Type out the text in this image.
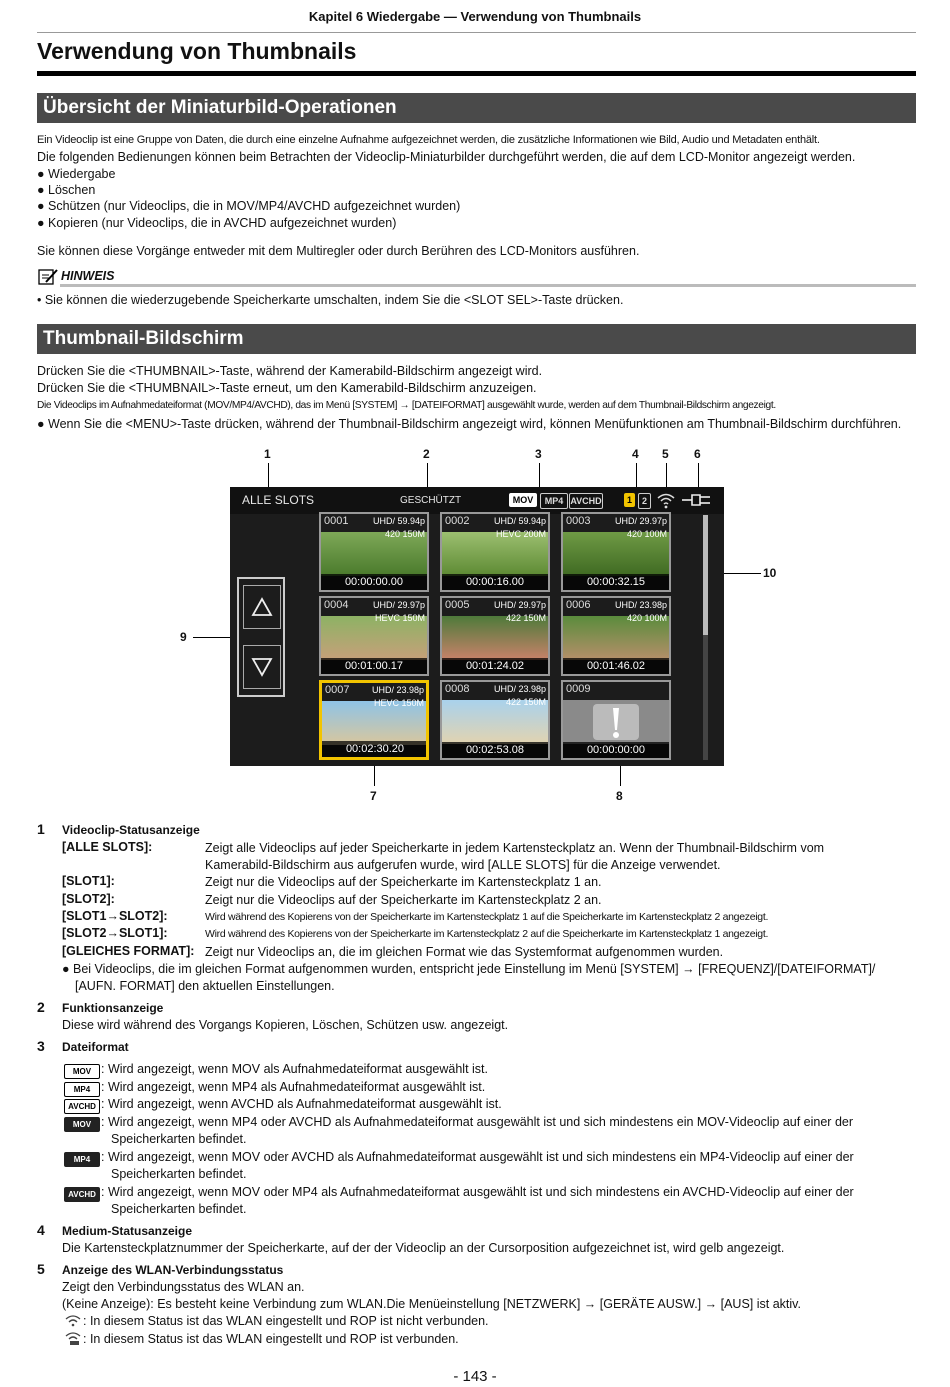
Kapitel 6 Wiedergabe — Verwendung von Thumbnails
Verwendung von Thumbnails
Übersicht der Miniaturbild-Operationen
Ein Videoclip ist eine Gruppe von Daten, die durch eine einzelne Aufnahme aufgezeichnet werden, die zusätzliche Informationen wie Bild, Audio und Metadaten enthält.
Die folgenden Bedienungen können beim Betrachten der Videoclip-Miniaturbilder durchgeführt werden, die auf dem LCD-Monitor angezeigt werden.
● Wiedergabe
● Löschen
● Schützen (nur Videoclips, die in MOV/MP4/AVCHD aufgezeichnet wurden)
● Kopieren (nur Videoclips, die in AVCHD aufgezeichnet wurden)
Sie können diese Vorgänge entweder mit dem Multiregler oder durch Berühren des LCD-Monitors ausführen.
HINWEIS
• Sie können die wiederzugebende Speicherkarte umschalten, indem Sie die <SLOT SEL>-Taste drücken.
Thumbnail-Bildschirm
Drücken Sie die <THUMBNAIL>-Taste, während der Kamerabild-Bildschirm angezeigt wird.
Drücken Sie die <THUMBNAIL>-Taste erneut, um den Kamerabild-Bildschirm anzuzeigen.
Die Videoclips im Aufnahmedateiformat (MOV/MP4/AVCHD), das im Menü [SYSTEM] → [DATEIFORMAT] ausgewählt wurde, werden auf dem Thumbnail-Bildschirm angezeigt.
● Wenn Sie die <MENU>-Taste drücken, während der Thumbnail-Bildschirm angezeigt wird, können Menüfunktionen am Thumbnail-Bildschirm durchführen.
1	2	3	4 5 6
10
9
7	8
ALLE SLOTS	GESCHÜTZT	MOV	MP4 AVCHD	1	2
0001	UHD/ 59.94p
420 150M
00:00:00.00
0002	UHD/ 59.94p
HEVC 200M
00:00:16.00
0003	UHD/ 29.97p
420 100M
00:00:32.15
0004	UHD/ 29.97p
HEVC 150M
00:01:00.17
0005	UHD/ 29.97p
422 150M
00:01:24.02
0006	UHD/ 23.98p
420 100M
00:01:46.02
0007 UHD/ 23.98p
HEVC 150M
00:02:30.20
0008	UHD/ 23.98p
422 150M
00:02:53.08
0009
00:00:00:00
1 Videoclip-Statusanzeige
[ALLE SLOTS]:	Zeigt alle Videoclips auf jeder Speicherkarte in jedem Kartensteckplatz an. Wenn der Thumbnail-Bildschirm vom
Kamerabild-Bildschirm aus aufgerufen wurde, wird [ALLE SLOTS] für die Anzeige verwendet.
[SLOT1]:	Zeigt nur die Videoclips auf der Speicherkarte im Kartensteckplatz 1 an.
[SLOT2]:	Zeigt nur die Videoclips auf der Speicherkarte im Kartensteckplatz 2 an.
[SLOT1→SLOT2]:	Wird während des Kopierens von der Speicherkarte im Kartensteckplatz 1 auf die Speicherkarte im Kartensteckplatz 2 angezeigt.
[SLOT2→SLOT1]:	Wird während des Kopierens von der Speicherkarte im Kartensteckplatz 2 auf die Speicherkarte im Kartensteckplatz 1 angezeigt.
[GLEICHES FORMAT]: Zeigt nur Videoclips an, die im gleichen Format wie das Systemformat aufgenommen wurden.
● Bei Videoclips, die im gleichen Format aufgenommen wurden, entspricht jede Einstellung im Menü [SYSTEM] → [FREQUENZ]/[DATEIFORMAT]/
[AUFN. FORMAT] den aktuellen Einstellungen.
2 Funktionsanzeige
Diese wird während des Vorgangs Kopieren, Löschen, Schützen usw. angezeigt.
3 Dateiformat
MOV : Wird angezeigt, wenn MOV als Aufnahmedateiformat ausgewählt ist.
MP4 : Wird angezeigt, wenn MP4 als Aufnahmedateiformat ausgewählt ist.
AVCHD : Wird angezeigt, wenn AVCHD als Aufnahmedateiformat ausgewählt ist.
MOV : Wird angezeigt, wenn MP4 oder AVCHD als Aufnahmedateiformat ausgewählt ist und sich mindestens ein MOV-Videoclip auf einer der
Speicherkarten befindet.
MP4 : Wird angezeigt, wenn MOV oder AVCHD als Aufnahmedateiformat ausgewählt ist und sich mindestens ein MP4-Videoclip auf einer der
Speicherkarten befindet.
AVCHD : Wird angezeigt, wenn MOV oder MP4 als Aufnahmedateiformat ausgewählt ist und sich mindestens ein AVCHD-Videoclip auf einer der
Speicherkarten befindet.
4 Medium-Statusanzeige
Die Kartensteckplatznummer der Speicherkarte, auf der der Videoclip an der Cursorposition aufgezeichnet ist, wird gelb angezeigt.
5 Anzeige des WLAN-Verbindungsstatus
Zeigt den Verbindungsstatus des WLAN an.
(Keine Anzeige): Es besteht keine Verbindung zum WLAN.Die Menüeinstellung [NETZWERK] → [GERÄTE AUSW.] → [AUS] ist aktiv.
: In diesem Status ist das WLAN eingestellt und ROP ist nicht verbunden.
: In diesem Status ist das WLAN eingestellt und ROP ist verbunden.
- 143 -
